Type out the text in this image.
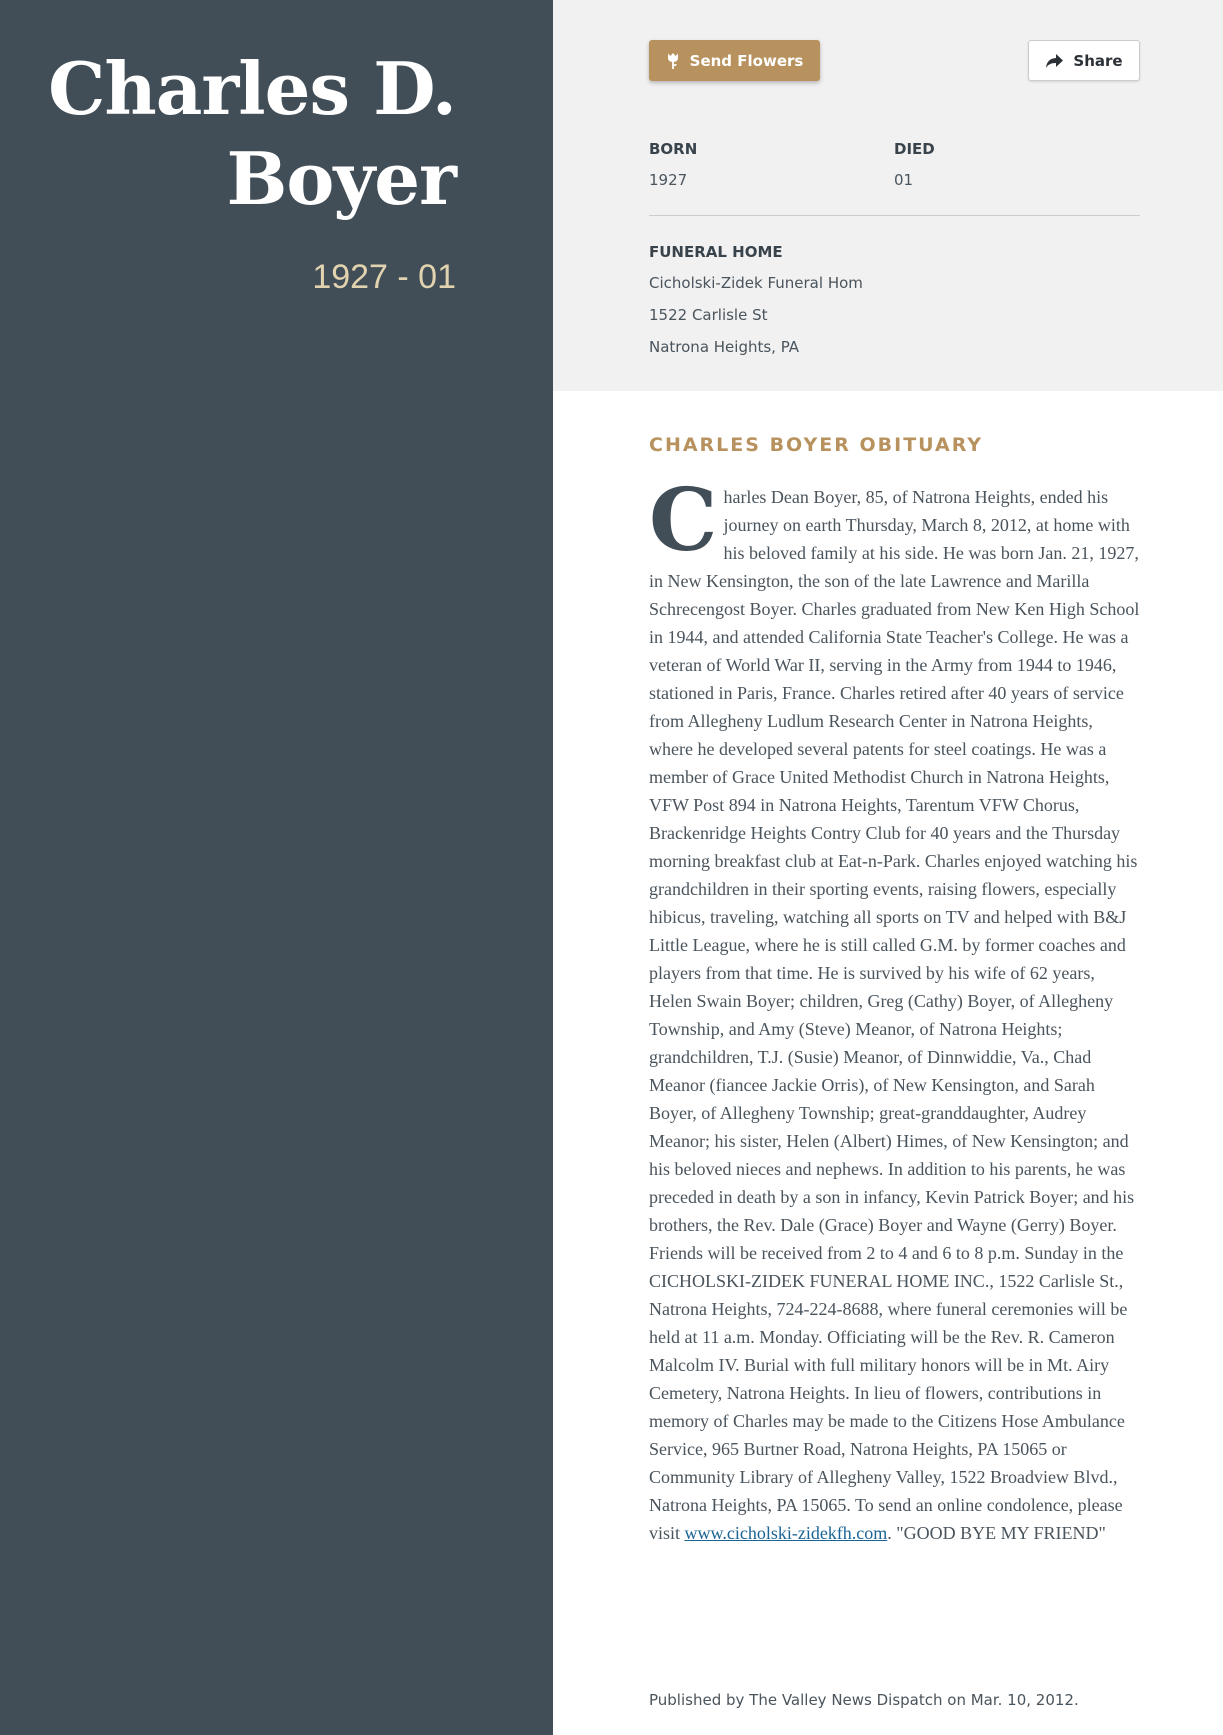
Charles D. Boyer
1927 - 01
Send Flowers	Share
BORN
1927
DIED
01
FUNERAL HOME
Cicholski-Zidek Funeral Hom
1522 Carlisle St
Natrona Heights, PA
CHARLES BOYER OBITUARY

Charles Dean Boyer, 85, of Natrona Heights, ended his journey on earth Thursday, March 8, 2012, at home with his beloved family at his side. He was born Jan. 21, 1927, in New Kensington, the son of the late Lawrence and Marilla Schrecengost Boyer. Charles graduated from New Ken High School in 1944, and attended California State Teacher's College. He was a veteran of World War II, serving in the Army from 1944 to 1946, stationed in Paris, France. Charles retired after 40 years of service from Allegheny Ludlum Research Center in Natrona Heights, where he developed several patents for steel coatings. He was a member of Grace United Methodist Church in Natrona Heights, VFW Post 894 in Natrona Heights, Tarentum VFW Chorus, Brackenridge Heights Contry Club for 40 years and the Thursday morning breakfast club at Eat-n-Park. Charles enjoyed watching his grandchildren in their sporting events, raising flowers, especially hibicus, traveling, watching all sports on TV and helped with B&J Little League, where he is still called G.M. by former coaches and players from that time. He is survived by his wife of 62 years, Helen Swain Boyer; children, Greg (Cathy) Boyer, of Allegheny Township, and Amy (Steve) Meanor, of Natrona Heights; grandchildren, T.J. (Susie) Meanor, of Dinnwiddie, Va., Chad Meanor (fiancee Jackie Orris), of New Kensington, and Sarah Boyer, of Allegheny Township; great-granddaughter, Audrey Meanor; his sister, Helen (Albert) Himes, of New Kensington; and his beloved nieces and nephews. In addition to his parents, he was preceded in death by a son in infancy, Kevin Patrick Boyer; and his brothers, the Rev. Dale (Grace) Boyer and Wayne (Gerry) Boyer. Friends will be received from 2 to 4 and 6 to 8 p.m. Sunday in the CICHOLSKI-ZIDEK FUNERAL HOME INC., 1522 Carlisle St., Natrona Heights, 724-224-8688, where funeral ceremonies will be held at 11 a.m. Monday. Officiating will be the Rev. R. Cameron Malcolm IV. Burial with full military honors will be in Mt. Airy Cemetery, Natrona Heights. In lieu of flowers, contributions in memory of Charles may be made to the Citizens Hose Ambulance Service, 965 Burtner Road, Natrona Heights, PA 15065 or Community Library of Allegheny Valley, 1522 Broadview Blvd., Natrona Heights, PA 15065. To send an online condolence, please visit www.cicholski-zidekfh.com. "GOOD BYE MY FRIEND"

Published by The Valley News Dispatch on Mar. 10, 2012.
